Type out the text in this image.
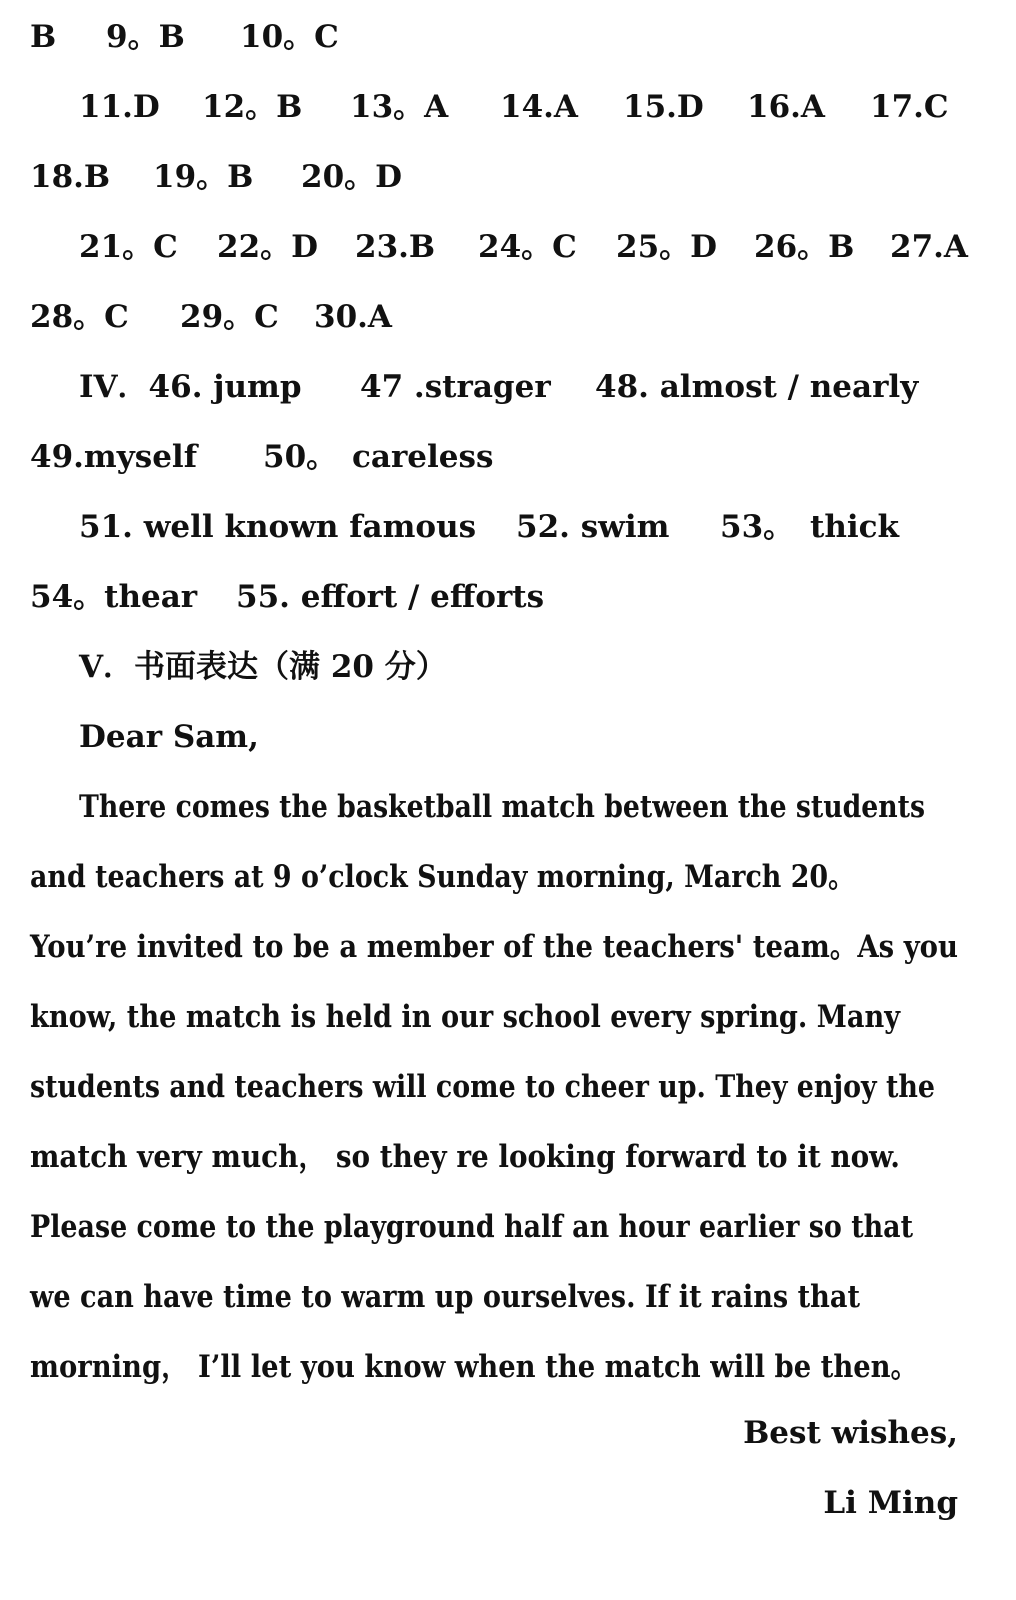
B 9。B 10。C
11.D 12。B 13。A 14.A 15.D 16.A 17.C
18.B 19。B 20。D
21。C 22。D 23.B 24。C 25。D 26。B 27.A
28。C 29。C 30.A
IV．46. jump 47 .strager 48. almost / nearly
49.myself 50。 careless
51. well known famous 52. swim 53。 thick
54。thear 55. effort / efforts
V．书面表达（满 20 分）
Dear Sam,
There comes the basketball match between the students
and teachers at 9 o’clock Sunday morning, March 20。
You’re invited to be a member of the teachers' team。As you
know, the match is held in our school every spring. Many
students and teachers will come to cheer up. They enjoy the
match very much， so they re looking forward to it now.
Please come to the playground half an hour earlier so that
we can have time to warm up ourselves. If it rains that
morning， I’ll let you know when the match will be then。
Best wishes,
Li Ming
